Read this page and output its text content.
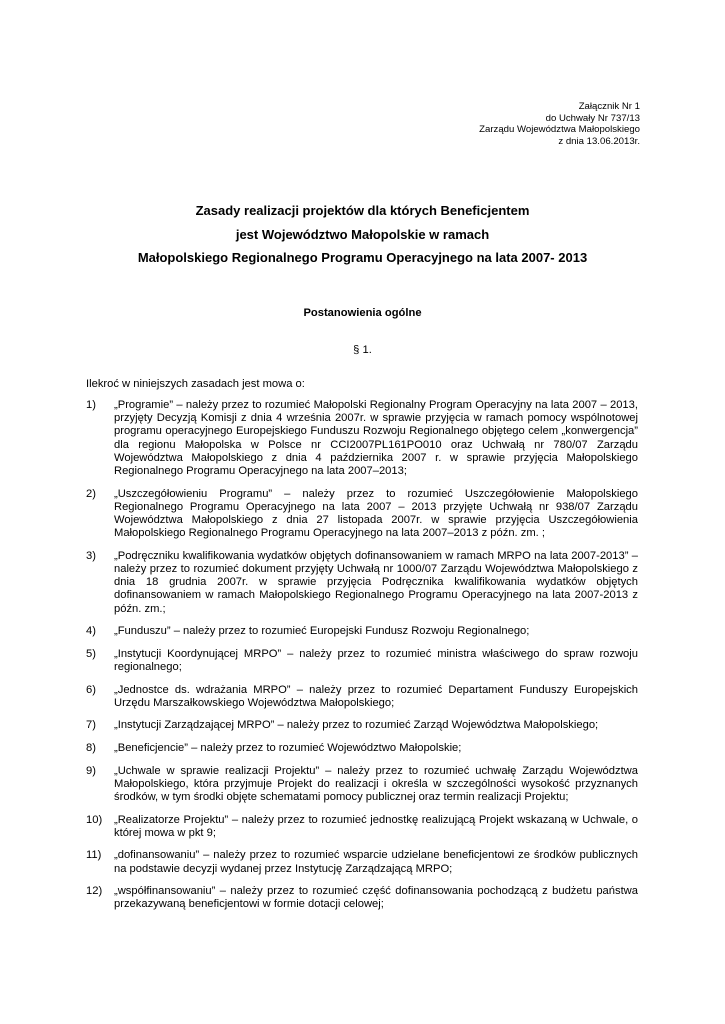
Załącznik Nr 1
do Uchwały Nr 737/13
Zarządu Województwa Małopolskiego
z dnia 13.06.2013r.
Zasady realizacji projektów dla których Beneficjentem
jest Województwo Małopolskie w ramach
Małopolskiego Regionalnego Programu Operacyjnego na lata 2007- 2013
Postanowienia ogólne
§ 1.
Ilekroć w niniejszych zasadach jest mowa o:
1)	„Programie” – należy przez to rozumieć Małopolski Regionalny Program Operacyjny na lata 2007 – 2013, przyjęty Decyzją Komisji z dnia 4 września 2007r. w sprawie przyjęcia w ramach pomocy wspólnotowej programu operacyjnego Europejskiego Funduszu Rozwoju Regionalnego objętego celem „konwergencja” dla regionu Małopolska w Polsce nr CCI2007PL161PO010 oraz Uchwałą nr 780/07 Zarządu Województwa Małopolskiego z dnia 4 października 2007 r. w sprawie przyjęcia Małopolskiego Regionalnego Programu Operacyjnego na lata 2007–2013;
2)	„Uszczegółowieniu Programu” – należy przez to rozumieć Uszczegółowienie Małopolskiego Regionalnego Programu Operacyjnego na lata 2007 – 2013 przyjęte Uchwałą nr 938/07 Zarządu Województwa Małopolskiego z dnia 27 listopada 2007r. w sprawie przyjęcia Uszczegółowienia Małopolskiego Regionalnego Programu Operacyjnego na lata 2007–2013 z późn. zm. ;
3)	„Podręczniku kwalifikowania wydatków objętych dofinansowaniem w ramach MRPO na lata 2007-2013” – należy przez to rozumieć dokument przyjęty Uchwałą nr 1000/07 Zarządu Województwa Małopolskiego z dnia 18 grudnia 2007r. w sprawie przyjęcia Podręcznika kwalifikowania wydatków objętych dofinansowaniem w ramach Małopolskiego Regionalnego Programu Operacyjnego na lata 2007-2013 z późn. zm.;
4)	„Funduszu” – należy przez to rozumieć Europejski Fundusz Rozwoju Regionalnego;
5)	„Instytucji Koordynującej MRPO” – należy przez to rozumieć ministra właściwego do spraw rozwoju regionalnego;
6)	„Jednostce ds. wdrażania MRPO” – należy przez to rozumieć Departament Funduszy Europejskich Urzędu Marszałkowskiego Województwa Małopolskiego;
7)	„Instytucji Zarządzającej MRPO” – należy przez to rozumieć Zarząd Województwa Małopolskiego;
8)	„Beneficjencie” – należy przez to rozumieć Województwo Małopolskie;
9)	„Uchwale w sprawie realizacji Projektu” – należy przez to rozumieć uchwałę Zarządu Województwa Małopolskiego, która przyjmuje Projekt do realizacji i określa w szczególności wysokość przyznanych środków, w tym środki objęte schematami pomocy publicznej oraz termin realizacji Projektu;
10)	„Realizatorze Projektu” – należy przez to rozumieć jednostkę realizującą Projekt wskazaną w Uchwale, o której mowa w pkt 9;
11)	„dofinansowaniu” – należy przez to rozumieć wsparcie udzielane beneficjentowi ze środków publicznych na podstawie decyzji wydanej przez Instytucję Zarządzającą MRPO;
12)	„współfinansowaniu” – należy przez to rozumieć część dofinansowania pochodzącą z budżetu państwa przekazywaną beneficjentowi w formie dotacji celowej;
